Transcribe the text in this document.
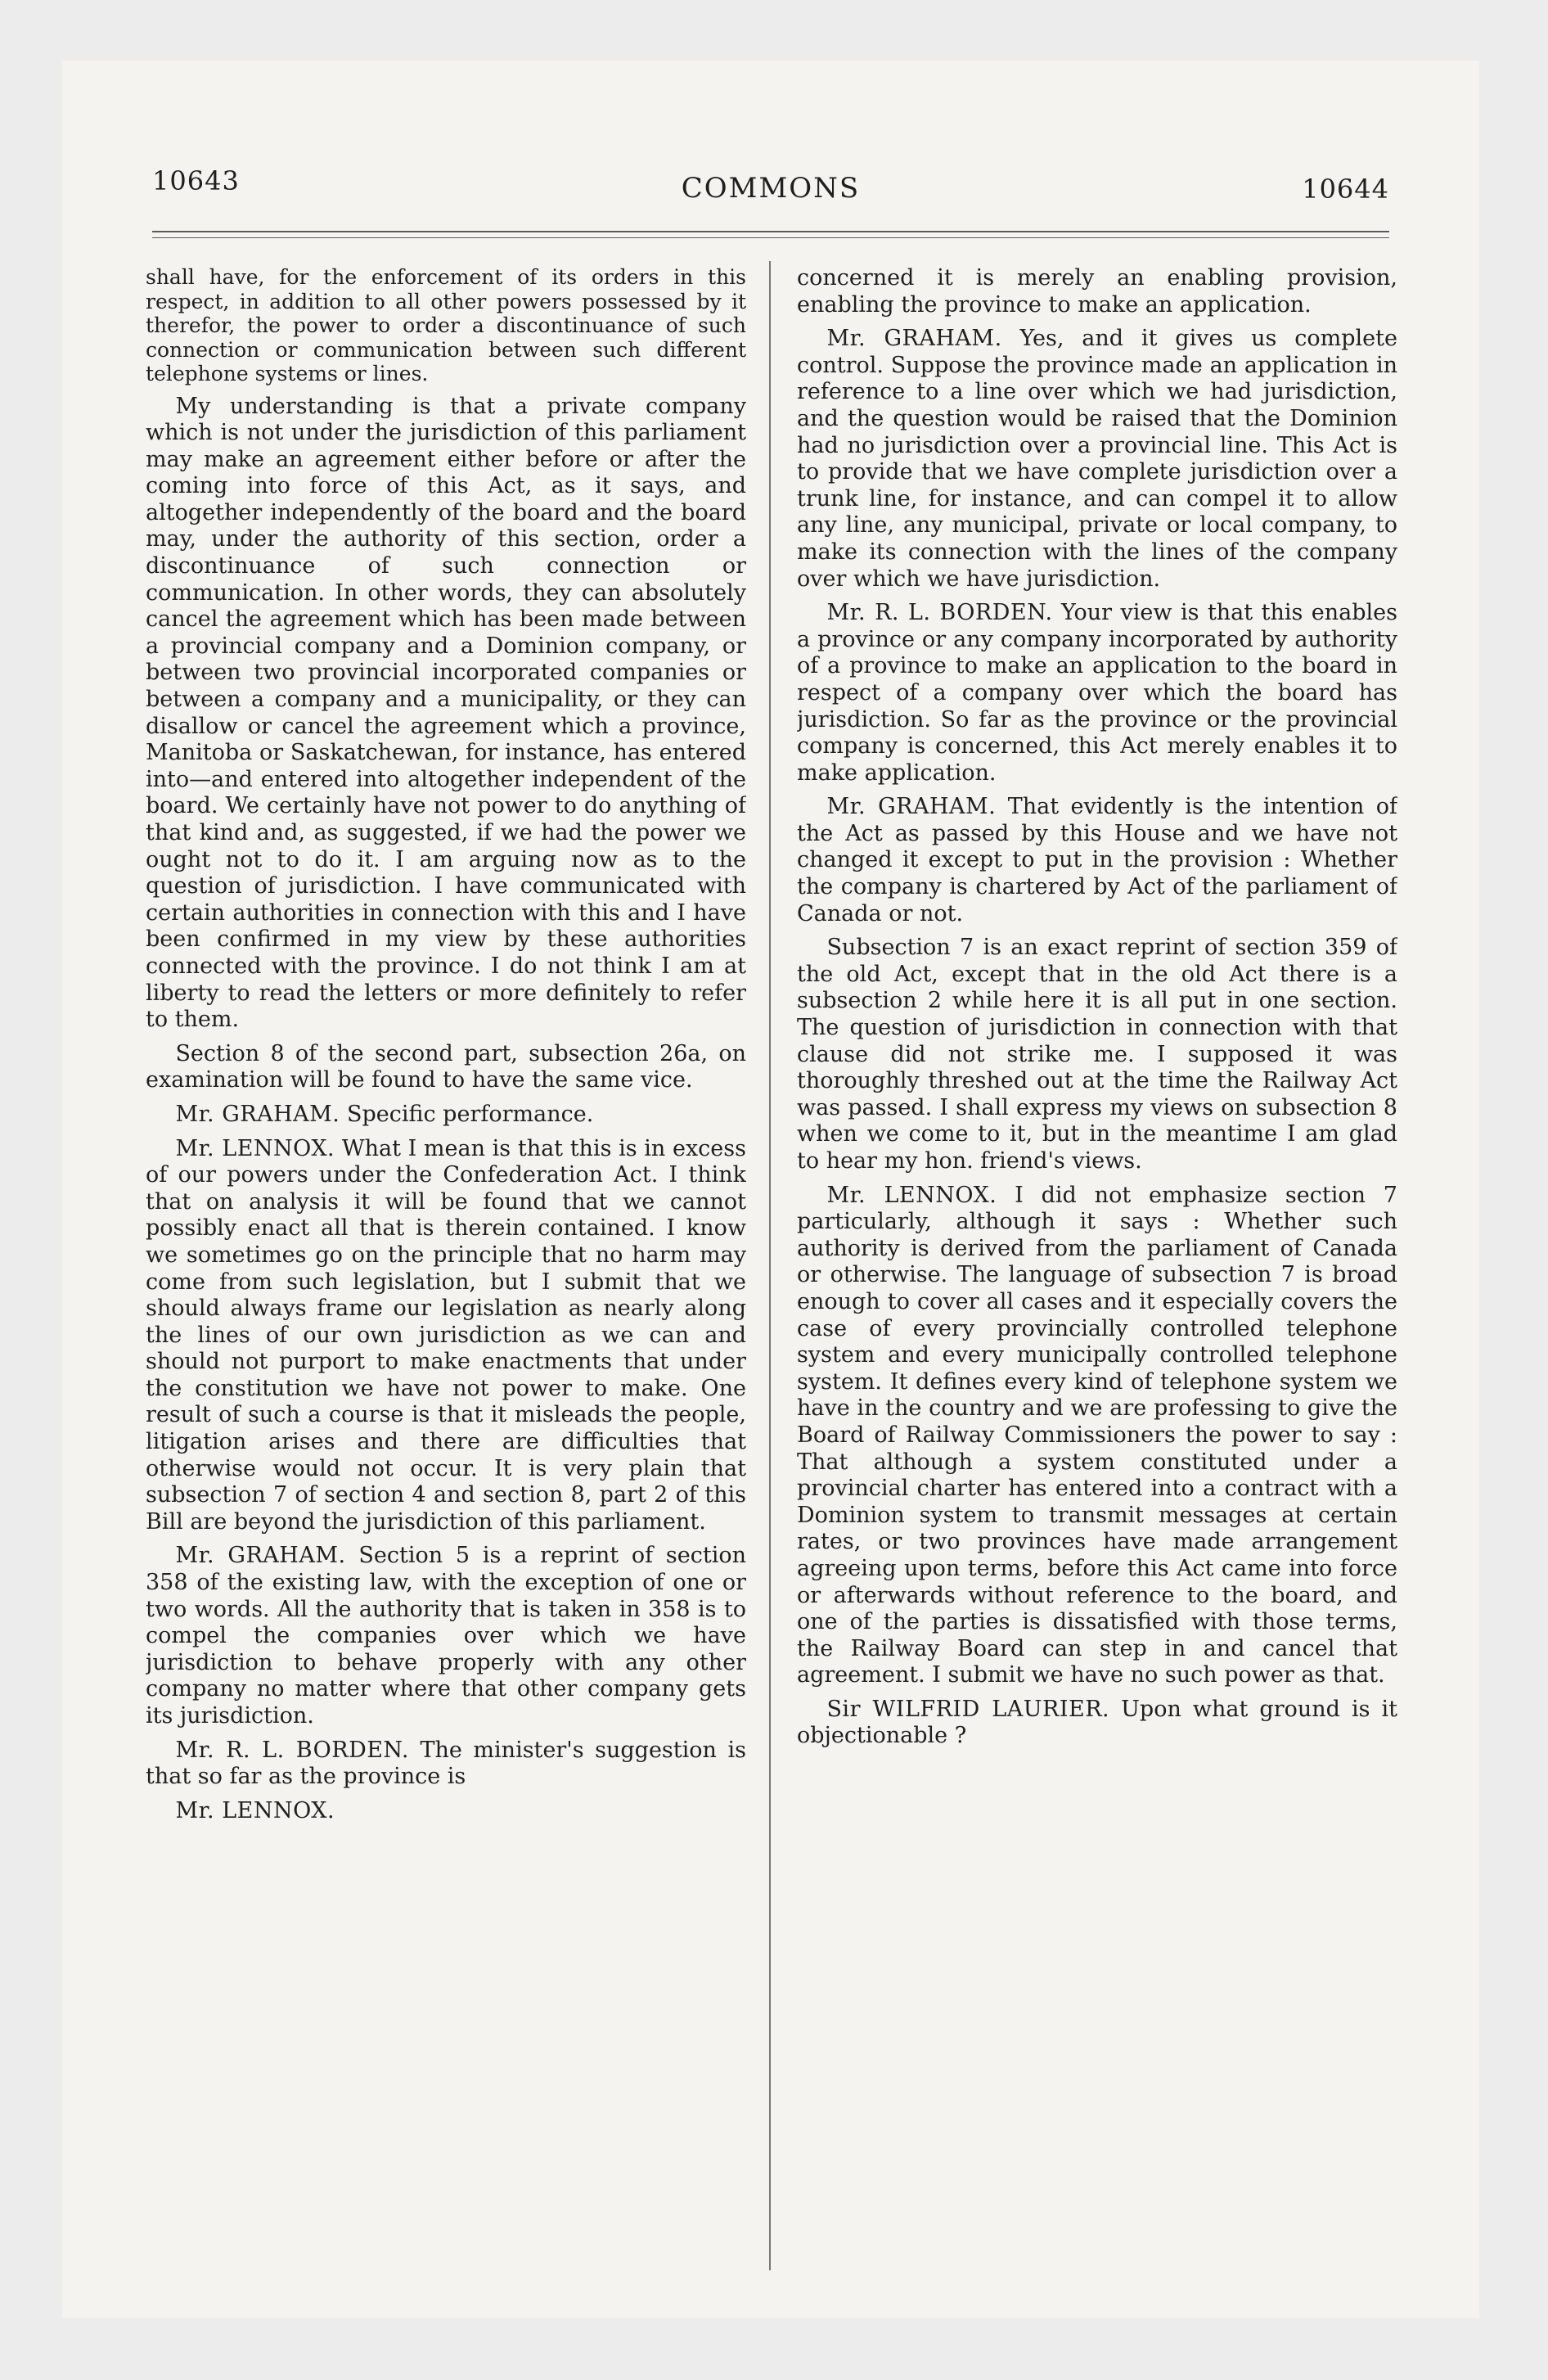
10643	COMMONS	10644

shall have, for the enforcement of its orders in this respect, in addition to all other powers possessed by it therefor, the power to order a discontinuance of such connection or communication between such different telephone systems or lines.

My understanding is that a private company which is not under the jurisdiction of this parliament may make an agreement either before or after the coming into force of this Act, as it says, and altogether independently of the board and the board may, under the authority of this section, order a discontinuance of such connection or communication. In other words, they can absolutely cancel the agreement which has been made between a provincial company and a Dominion company, or between two provincial incorporated companies or between a company and a municipality, or they can disallow or cancel the agreement which a province, Manitoba or Saskatchewan, for instance, has entered into—and entered into altogether independent of the board. We certainly have not power to do anything of that kind and, as suggested, if we had the power we ought not to do it. I am arguing now as to the question of jurisdiction. I have communicated with certain authorities in connection with this and I have been confirmed in my view by these authorities connected with the province. I do not think I am at liberty to read the letters or more definitely to refer to them.

Section 8 of the second part, subsection 26a, on examination will be found to have the same vice.

Mr. GRAHAM. Specific performance.

Mr. LENNOX. What I mean is that this is in excess of our powers under the Confederation Act. I think that on analysis it will be found that we cannot possibly enact all that is therein contained. I know we sometimes go on the principle that no harm may come from such legislation, but I submit that we should always frame our legislation as nearly along the lines of our own jurisdiction as we can and should not purport to make enactments that under the constitution we have not power to make. One result of such a course is that it misleads the people, litigation arises and there are difficulties that otherwise would not occur. It is very plain that subsection 7 of section 4 and section 8, part 2 of this Bill are beyond the jurisdiction of this parliament.

Mr. GRAHAM. Section 5 is a reprint of section 358 of the existing law, with the exception of one or two words. All the authority that is taken in 358 is to compel the companies over which we have jurisdiction to behave properly with any other company no matter where that other company gets its jurisdiction.

Mr. R. L. BORDEN. The minister's suggestion is that so far as the province is

Mr. LENNOX.

concerned it is merely an enabling provision, enabling the province to make an application.

Mr. GRAHAM. Yes, and it gives us complete control. Suppose the province made an application in reference to a line over which we had jurisdiction, and the question would be raised that the Dominion had no jurisdiction over a provincial line. This Act is to provide that we have complete jurisdiction over a trunk line, for instance, and can compel it to allow any line, any municipal, private or local company, to make its connection with the lines of the company over which we have jurisdiction.

Mr. R. L. BORDEN. Your view is that this enables a province or any company incorporated by authority of a province to make an application to the board in respect of a company over which the board has jurisdiction. So far as the province or the provincial company is concerned, this Act merely enables it to make application.

Mr. GRAHAM. That evidently is the intention of the Act as passed by this House and we have not changed it except to put in the provision : Whether the company is chartered by Act of the parliament of Canada or not.

Subsection 7 is an exact reprint of section 359 of the old Act, except that in the old Act there is a subsection 2 while here it is all put in one section. The question of jurisdiction in connection with that clause did not strike me. I supposed it was thoroughly threshed out at the time the Railway Act was passed. I shall express my views on subsection 8 when we come to it, but in the meantime I am glad to hear my hon. friend's views.

Mr. LENNOX. I did not emphasize section 7 particularly, although it says : Whether such authority is derived from the parliament of Canada or otherwise. The language of subsection 7 is broad enough to cover all cases and it especially covers the case of every provincially controlled telephone system and every municipally controlled telephone system. It defines every kind of telephone system we have in the country and we are professing to give the Board of Railway Commissioners the power to say : That although a system constituted under a provincial charter has entered into a contract with a Dominion system to transmit messages at certain rates, or two provinces have made arrangement agreeing upon terms, before this Act came into force or afterwards without reference to the board, and one of the parties is dissatisfied with those terms, the Railway Board can step in and cancel that agreement. I submit we have no such power as that.

Sir WILFRID LAURIER. Upon what ground is it objectionable ?
